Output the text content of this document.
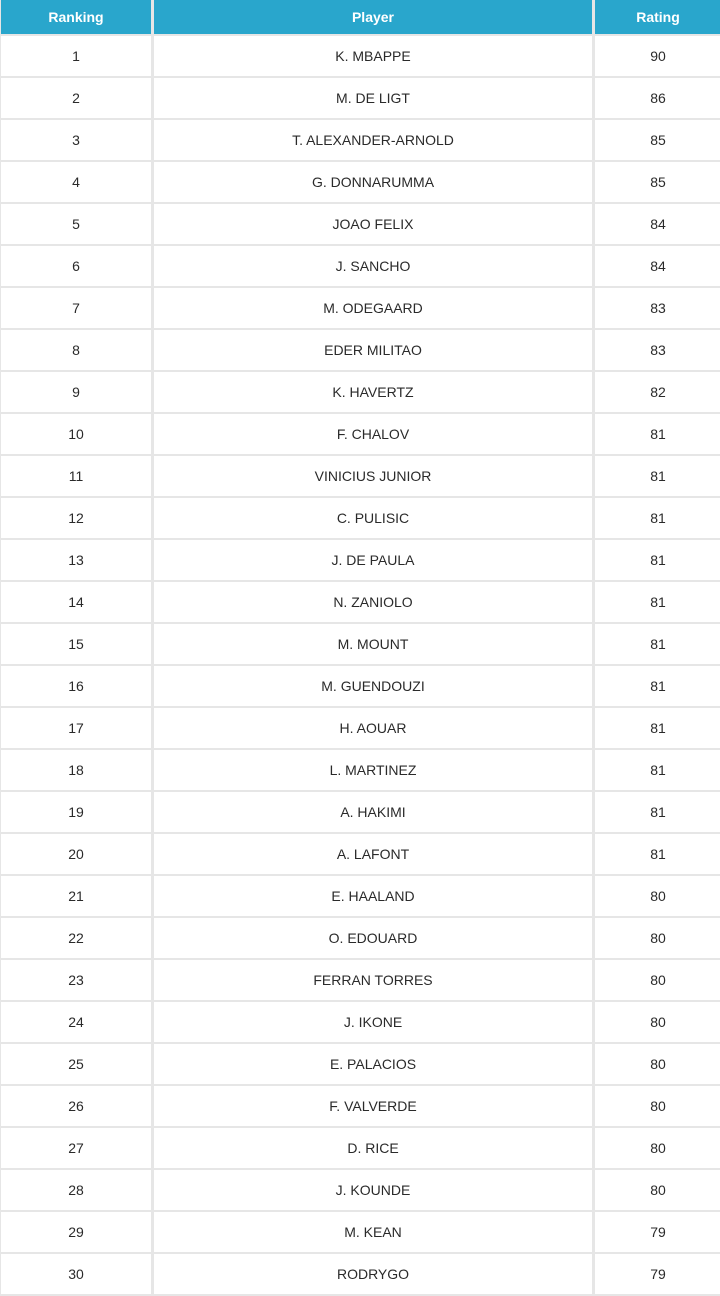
Ranking	Player	Rating
1	K. MBAPPE	90
2	M. DE LIGT	86
3	T. ALEXANDER-ARNOLD	85
4	G. DONNARUMMA	85
5	JOAO FELIX	84
6	J. SANCHO	84
7	M. ODEGAARD	83
8	EDER MILITAO	83
9	K. HAVERTZ	82
10	F. CHALOV	81
11	VINICIUS JUNIOR	81
12	C. PULISIC	81
13	J. DE PAULA	81
14	N. ZANIOLO	81
15	M. MOUNT	81
16	M. GUENDOUZI	81
17	H. AOUAR	81
18	L. MARTINEZ	81
19	A. HAKIMI	81
20	A. LAFONT	81
21	E. HAALAND	80
22	O. EDOUARD	80
23	FERRAN TORRES	80
24	J. IKONE	80
25	E. PALACIOS	80
26	F. VALVERDE	80
27	D. RICE	80
28	J. KOUNDE	80
29	M. KEAN	79
30	RODRYGO	79
